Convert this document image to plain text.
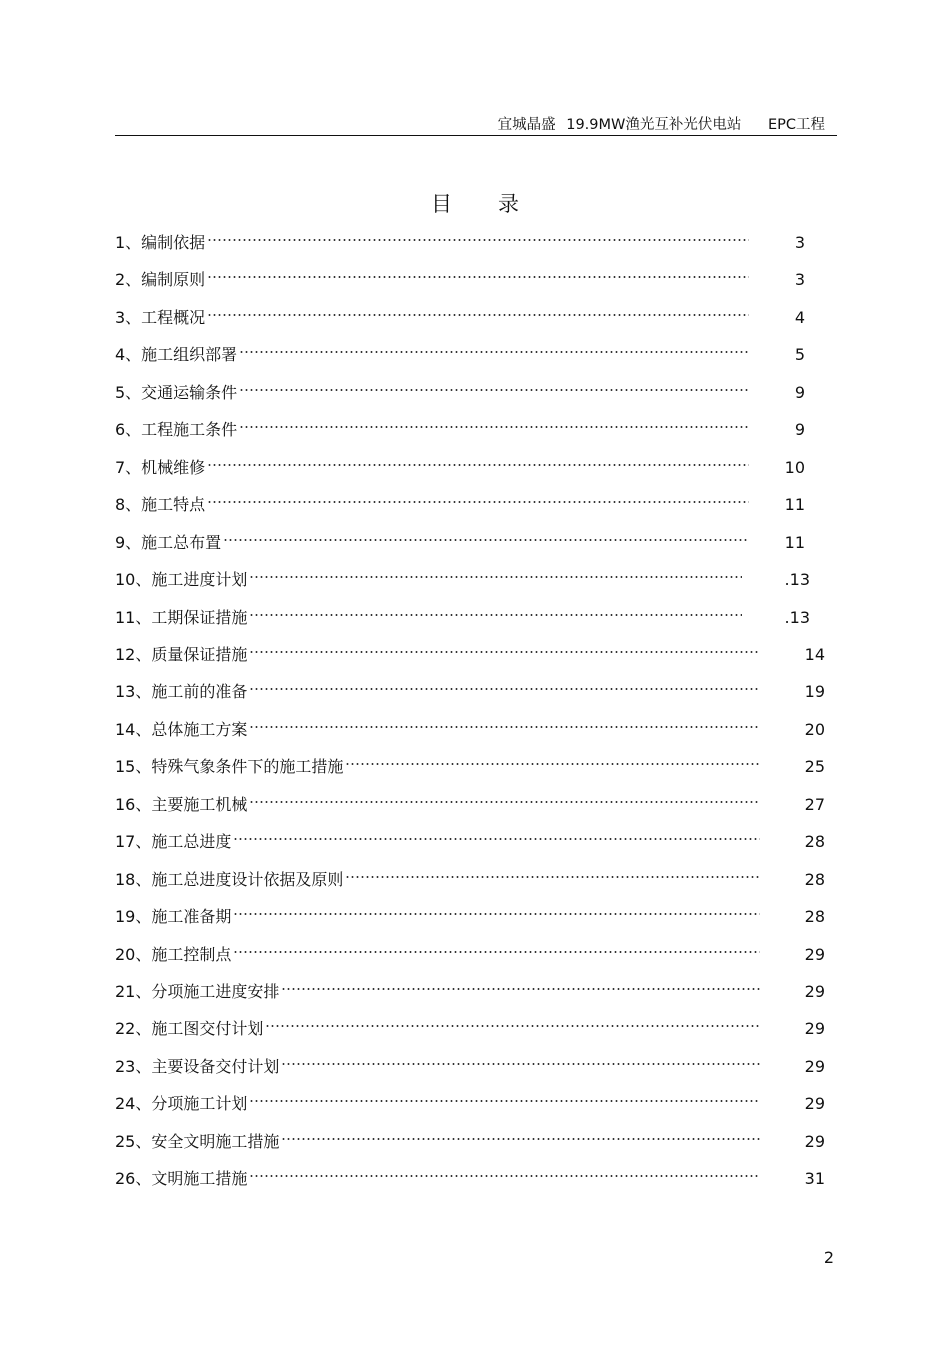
宜城晶盛 19.9MW渔光互补光伏电站 EPC工程
目录
1、编制依据	3
2、编制原则	3
3、工程概况	4
4、施工组织部署	5
5、交通运输条件	9
6、工程施工条件	9
7、机械维修	10
8、施工特点	11
9、施工总布置	11
10、施工进度计划	.13
11、工期保证措施	.13
12、质量保证措施	14
13、施工前的准备	19
14、总体施工方案	20
15、特殊气象条件下的施工措施	25
16、主要施工机械	27
17、施工总进度	28
18、施工总进度设计依据及原则	28
19、施工准备期	28
20、施工控制点	29
21、分项施工进度安排	29
22、施工图交付计划	29
23、主要设备交付计划	29
24、分项施工计划	29
25、安全文明施工措施	29
26、文明施工措施	31
2
